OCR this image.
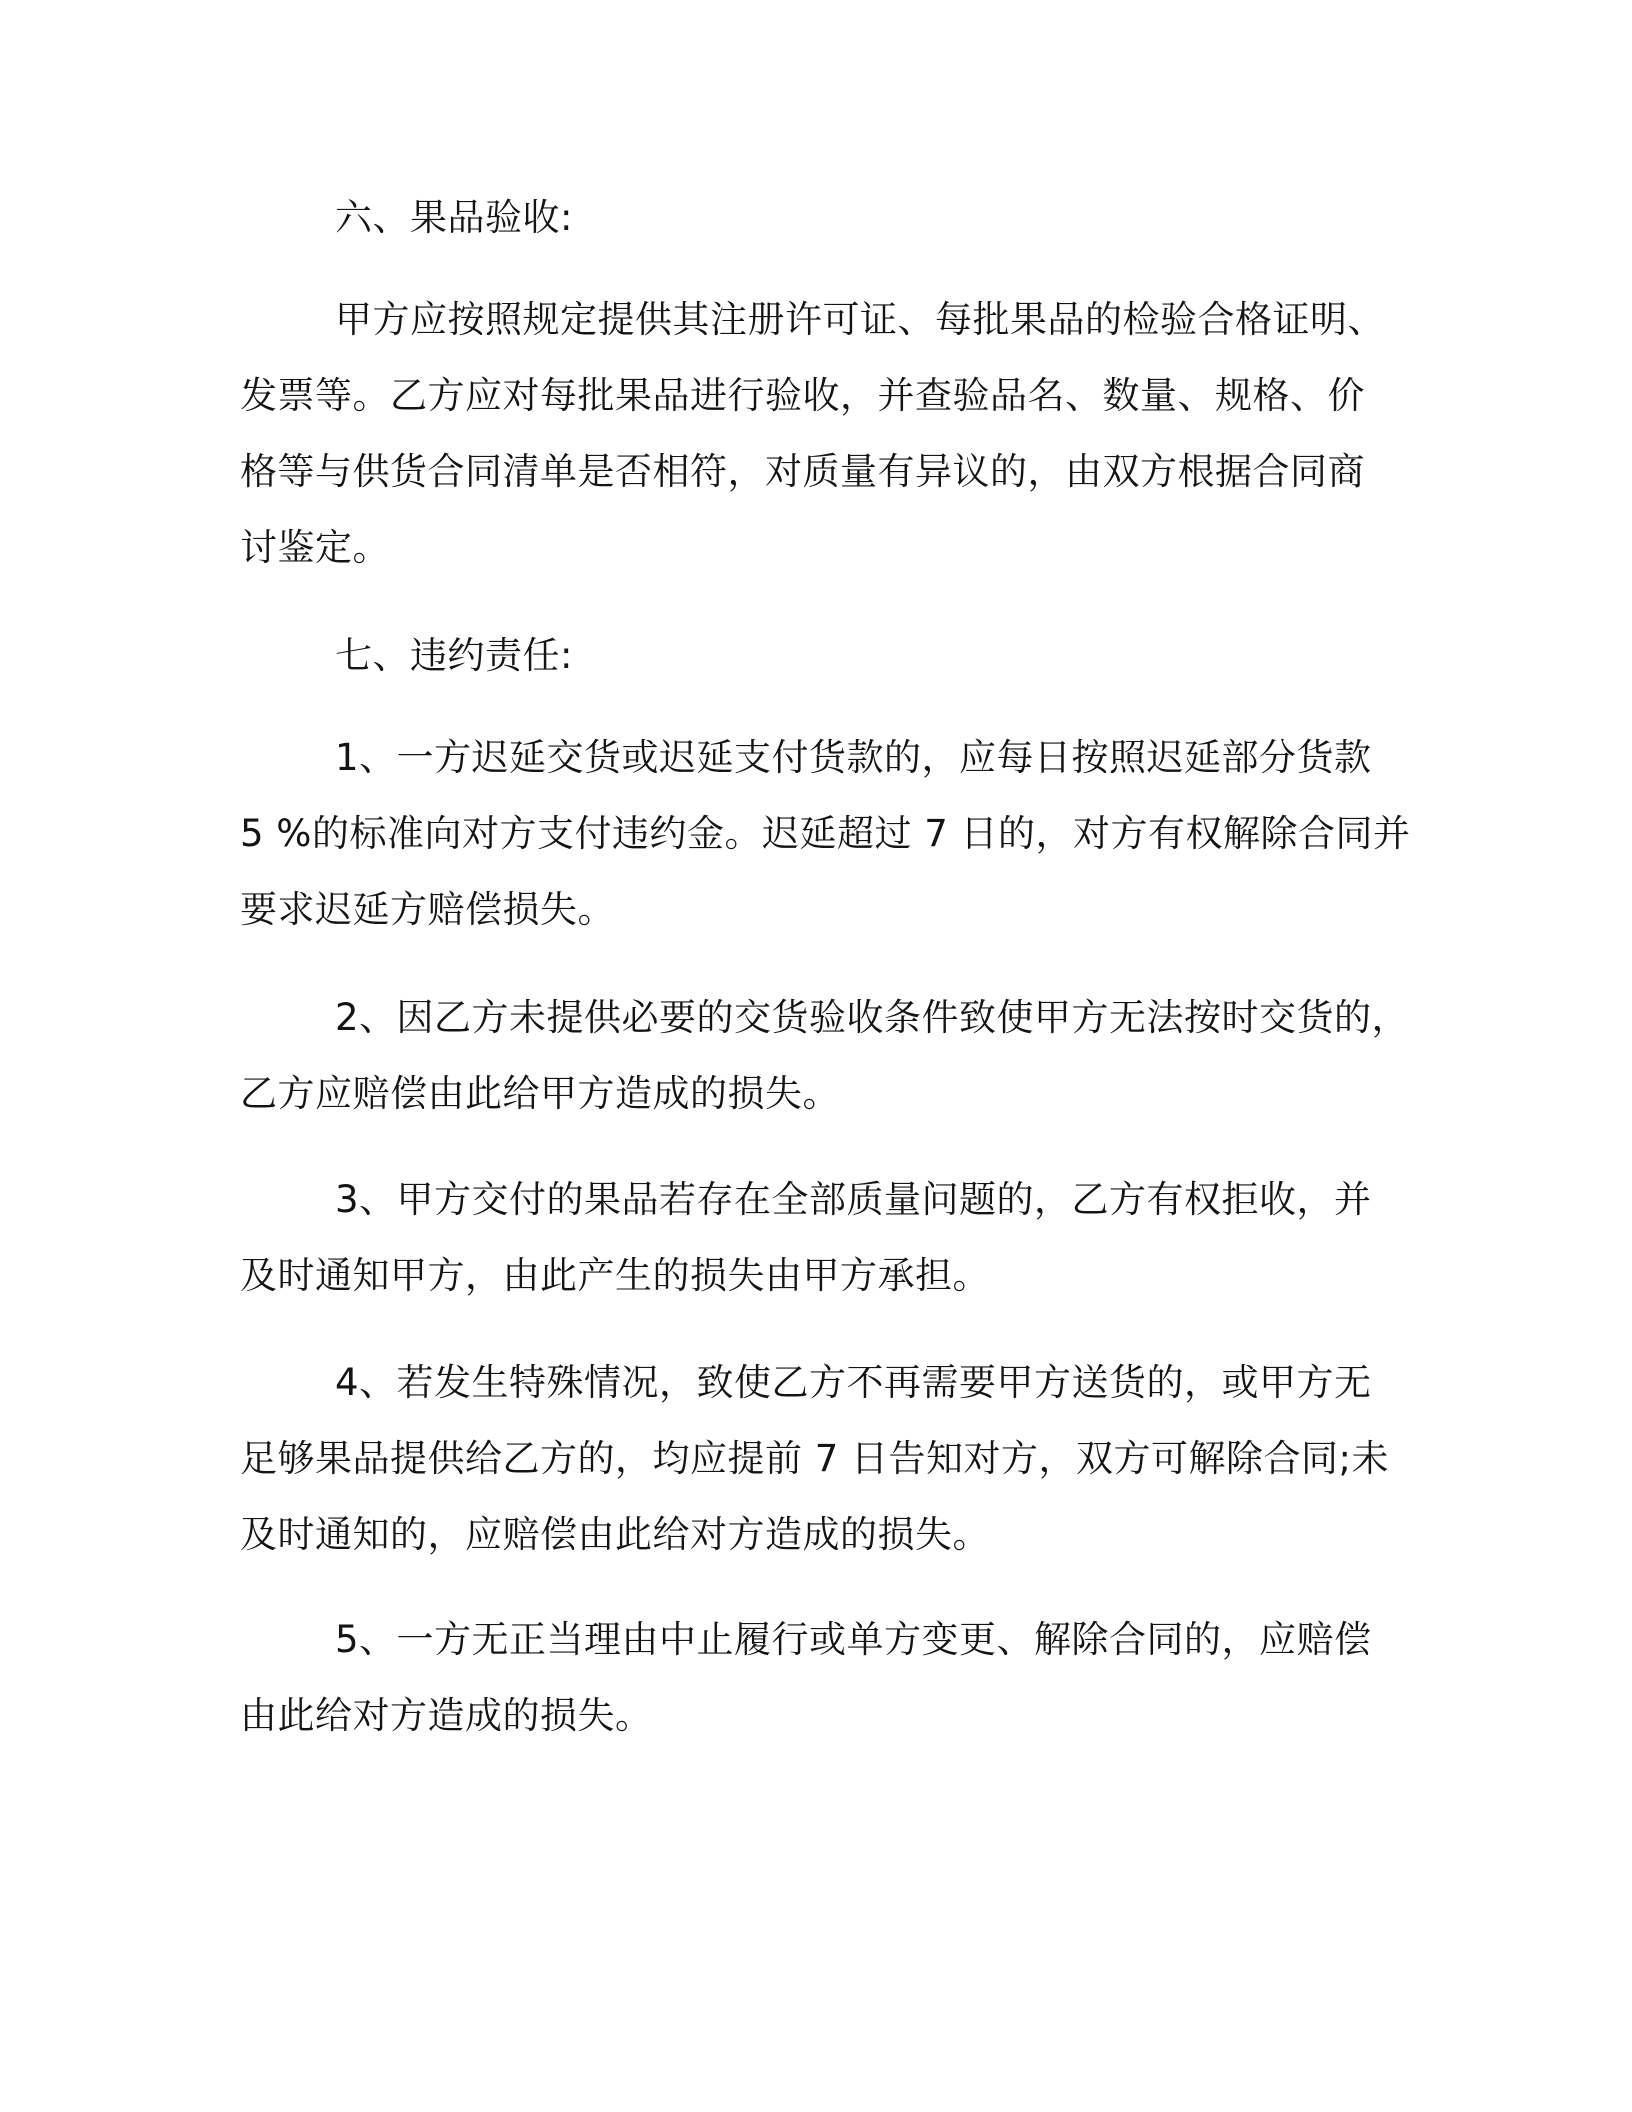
六、果品验收:
甲方应按照规定提供其注册许可证、每批果品的检验合格证明、
发票等。乙方应对每批果品进行验收，并查验品名、数量、规格、价
格等与供货合同清单是否相符，对质量有异议的，由双方根据合同商
讨鉴定。
七、违约责任:
1、一方迟延交货或迟延支付货款的，应每日按照迟延部分货款
5 %的标准向对方支付违约金。迟延超过 7 日的，对方有权解除合同并
要求迟延方赔偿损失。
2、因乙方未提供必要的交货验收条件致使甲方无法按时交货的，
乙方应赔偿由此给甲方造成的损失。
3、甲方交付的果品若存在全部质量问题的，乙方有权拒收，并
及时通知甲方，由此产生的损失由甲方承担。
4、若发生特殊情况，致使乙方不再需要甲方送货的，或甲方无
足够果品提供给乙方的，均应提前 7 日告知对方，双方可解除合同;未
及时通知的，应赔偿由此给对方造成的损失。
5、一方无正当理由中止履行或单方变更、解除合同的，应赔偿
由此给对方造成的损失。
